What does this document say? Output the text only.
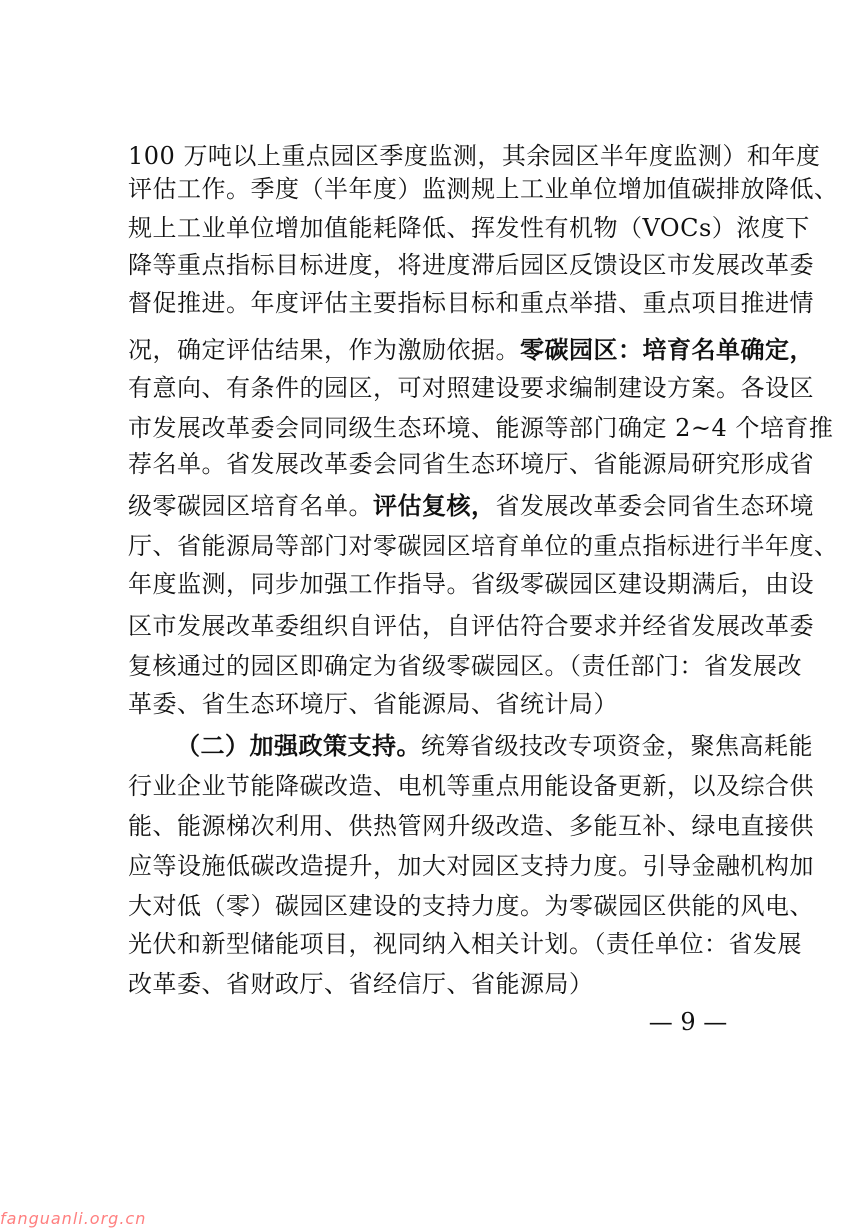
100 万吨以上重点园区季度监测，其余园区半年度监测）和年度
评估工作。季度（半年度）监测规上工业单位增加值碳排放降低、
规上工业单位增加值能耗降低、挥发性有机物（VOCs）浓度下
降等重点指标目标进度，将进度滞后园区反馈设区市发展改革委
督促推进。年度评估主要指标目标和重点举措、重点项目推进情
况，确定评估结果，作为激励依据。零碳园区：培育名单确定，
有意向、有条件的园区，可对照建设要求编制建设方案。各设区
市发展改革委会同同级生态环境、能源等部门确定 2~4 个培育推
荐名单。省发展改革委会同省生态环境厅、省能源局研究形成省
级零碳园区培育名单。评估复核，省发展改革委会同省生态环境
厅、省能源局等部门对零碳园区培育单位的重点指标进行半年度、
年度监测，同步加强工作指导。省级零碳园区建设期满后，由设
区市发展改革委组织自评估，自评估符合要求并经省发展改革委
复核通过的园区即确定为省级零碳园区。（责任部门：省发展改
革委、省生态环境厅、省能源局、省统计局）
（二）加强政策支持。统筹省级技改专项资金，聚焦高耗能
行业企业节能降碳改造、电机等重点用能设备更新，以及综合供
能、能源梯次利用、供热管网升级改造、多能互补、绿电直接供
应等设施低碳改造提升，加大对园区支持力度。引导金融机构加
大对低（零）碳园区建设的支持力度。为零碳园区供能的风电、
光伏和新型储能项目，视同纳入相关计划。（责任单位：省发展
改革委、省财政厅、省经信厅、省能源局）
— 9 —
fanguanli.org.cn
